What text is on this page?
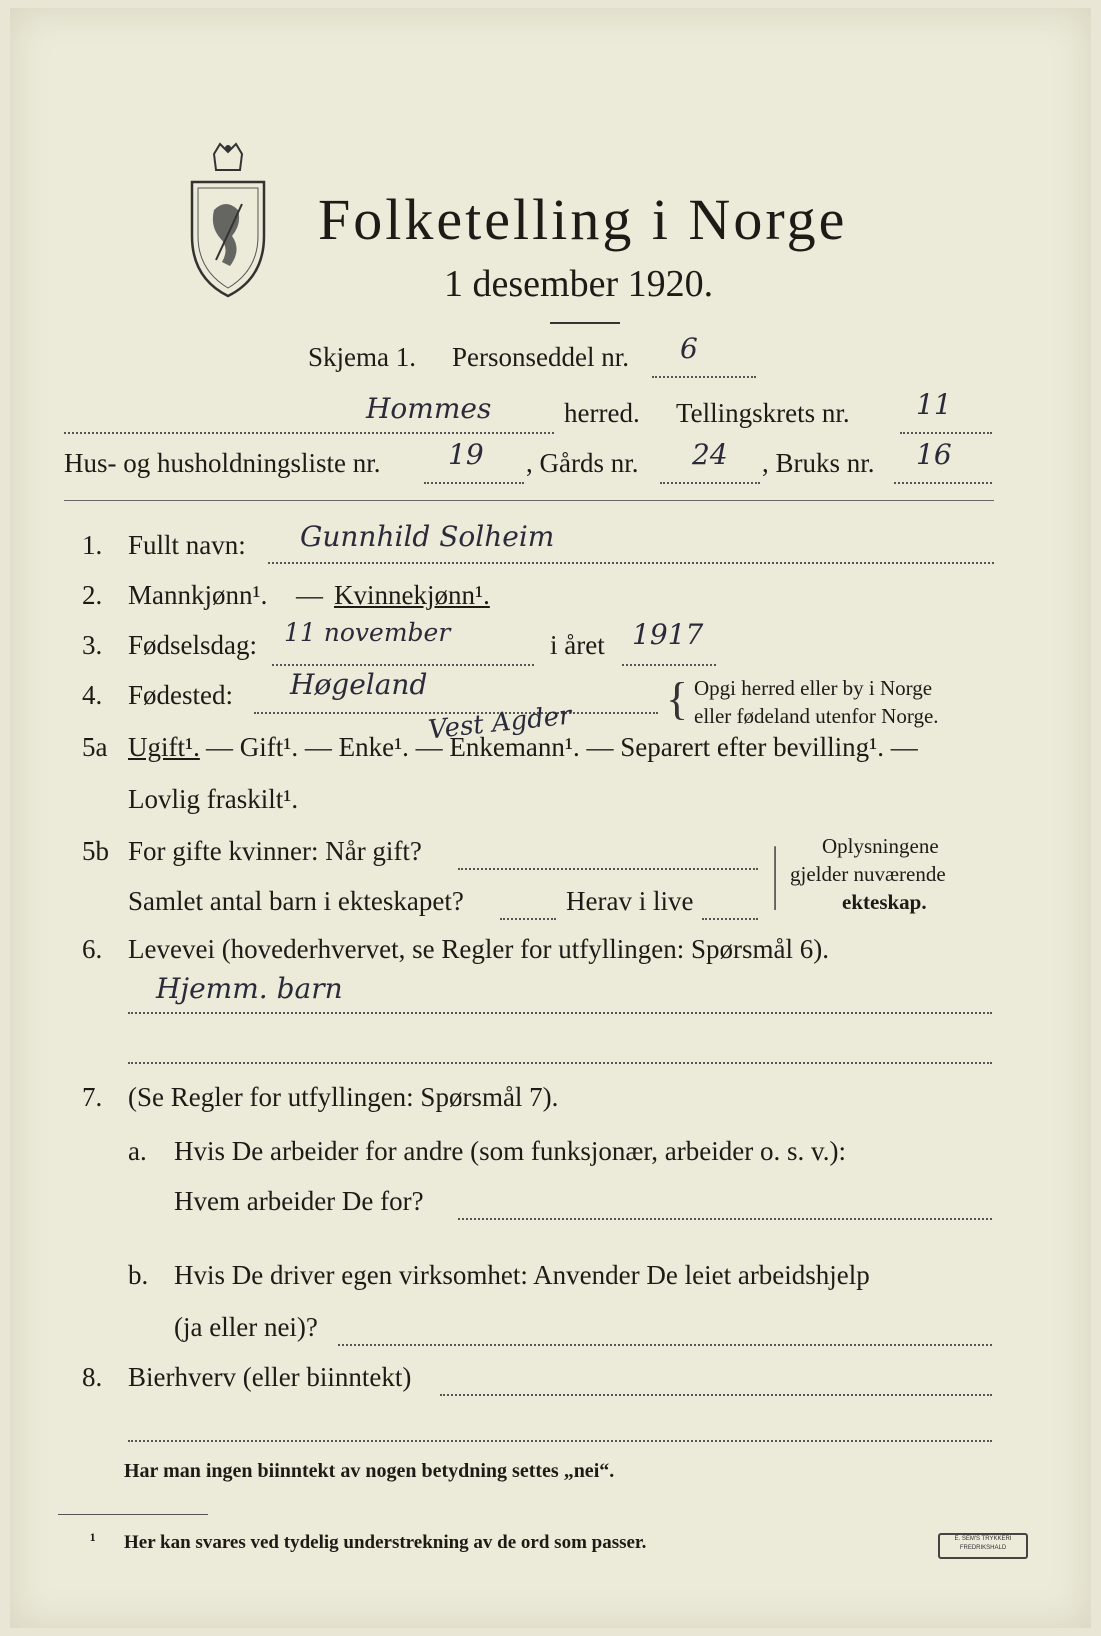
Folketelling i Norge
1 desember 1920.
Skjema 1. Personseddel nr. 6
Hommes	herred. Tellingskrets nr. 11
Hus- og husholdningsliste nr. 19 , Gårds nr. 24 , Bruks nr. 16
1. Fullt navn: Gunnhild Solheim
2. Mannkjønn¹. — Kvinnekjønn¹.
3. Fødselsdag: 11 november	i året 1917
4. Fødested: Høgeland
Vest Agder { Opgi herred eller by i Norge
eller fødeland utenfor Norge.
5a Ugift¹. — Gift¹. — Enke¹. — Enkemann¹. — Separert efter bevilling¹. —
Lovlig fraskilt¹.
5b For gifte kvinner: Når gift?
Samlet antal barn i ekteskapet?	Herav i live | Oplysningene
gjelder nuværende
ekteskap.
6. Levevei (hovederhvervet, se Regler for utfyllingen: Spørsmål 6).
Hjemm. barn
7. (Se Regler for utfyllingen: Spørsmål 7).
a. Hvis De arbeider for andre (som funksjonær, arbeider o. s. v.):
Hvem arbeider De for?
b. Hvis De driver egen virksomhet: Anvender De leiet arbeidshjelp
(ja eller nei)?
8. Bierhverv (eller biinntekt)
Har man ingen biinntekt av nogen betydning settes „nei“.
¹ Her kan svares ved tydelig understrekning av de ord som passer.	E. SEM'S TRYKKERI FREDRIKSHALD
